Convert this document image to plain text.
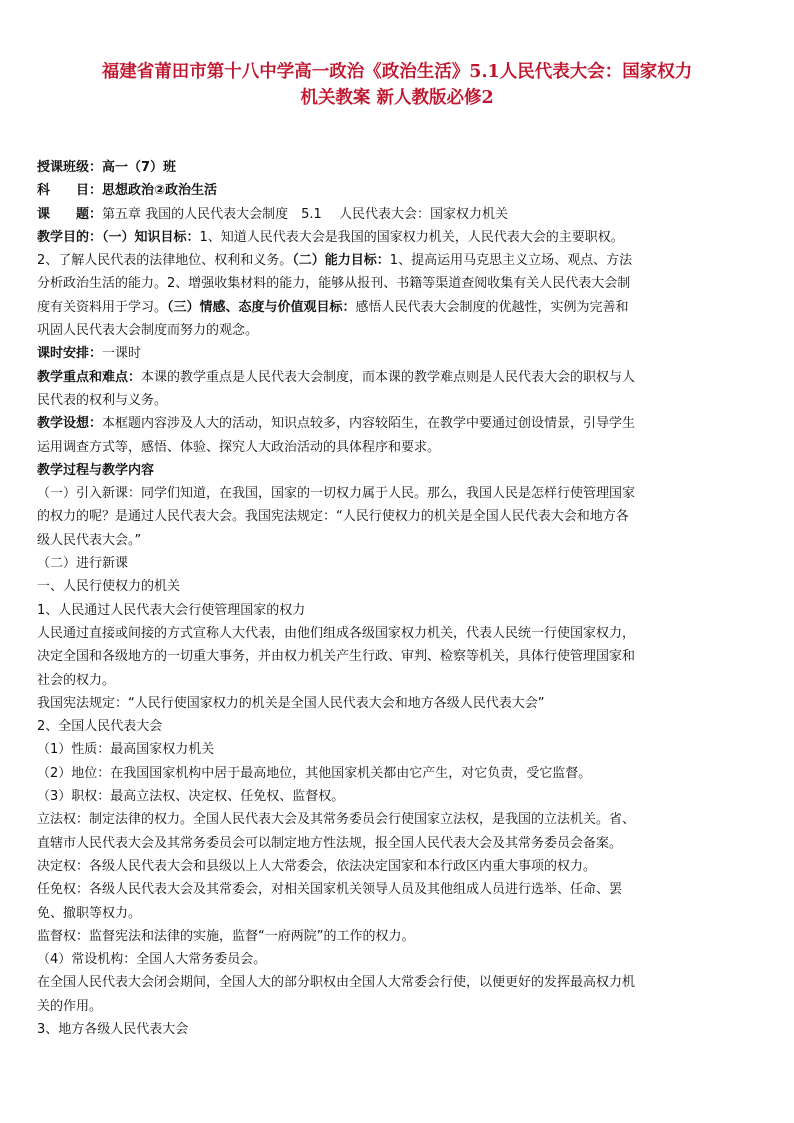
福建省莆田市第十八中学高一政治《政治生活》5.1人民代表大会：国家权力
机关教案 新人教版必修2
授课班级：高一（7）班
科　　目：思想政治②政治生活
课　　题：第五章 我国的人民代表大会制度　5.1　 人民代表大会：国家权力机关
教学目的：（一）知识目标：1、知道人民代表大会是我国的国家权力机关，人民代表大会的主要职权。
2、了解人民代表的法律地位、权利和义务。（二）能力目标：1、提高运用马克思主义立场、观点、方法
分析政治生活的能力。2、增强收集材料的能力，能够从报刊、书籍等渠道查阅收集有关人民代表大会制
度有关资料用于学习。（三）情感、态度与价值观目标：感悟人民代表大会制度的优越性，实例为完善和
巩固人民代表大会制度而努力的观念。
课时安排：一课时
教学重点和难点：本课的教学重点是人民代表大会制度，而本课的教学难点则是人民代表大会的职权与人
民代表的权利与义务。
教学设想：本框题内容涉及人大的活动，知识点较多，内容较陌生，在教学中要通过创设情景，引导学生
运用调查方式等，感悟、体验、探究人大政治活动的具体程序和要求。
教学过程与教学内容
（一）引入新课：同学们知道，在我国，国家的一切权力属于人民。那么，我国人民是怎样行使管理国家
的权力的呢？是通过人民代表大会。我国宪法规定：“人民行使权力的机关是全国人民代表大会和地方各
级人民代表大会。”
（二）进行新课
一、人民行使权力的机关
1、人民通过人民代表大会行使管理国家的权力
人民通过直接或间接的方式宣称人大代表，由他们组成各级国家权力机关，代表人民统一行使国家权力，
决定全国和各级地方的一切重大事务，并由权力机关产生行政、审判、检察等机关，具体行使管理国家和
社会的权力。
我国宪法规定：“人民行使国家权力的机关是全国人民代表大会和地方各级人民代表大会”
2、全国人民代表大会
（1）性质：最高国家权力机关
（2）地位：在我国国家机构中居于最高地位，其他国家机关都由它产生，对它负责，受它监督。
（3）职权：最高立法权、决定权、任免权、监督权。
立法权：制定法律的权力。全国人民代表大会及其常务委员会行使国家立法权，是我国的立法机关。省、
直辖市人民代表大会及其常务委员会可以制定地方性法规，报全国人民代表大会及其常务委员会备案。
决定权：各级人民代表大会和县级以上人大常委会，依法决定国家和本行政区内重大事项的权力。
任免权：各级人民代表大会及其常委会，对相关国家机关领导人员及其他组成人员进行选举、任命、罢
免、撤职等权力。
监督权：监督宪法和法律的实施，监督“一府两院”的工作的权力。
（4）常设机构：全国人大常务委员会。
在全国人民代表大会闭会期间，全国人大的部分职权由全国人大常委会行使，以便更好的发挥最高权力机
关的作用。
3、地方各级人民代表大会
